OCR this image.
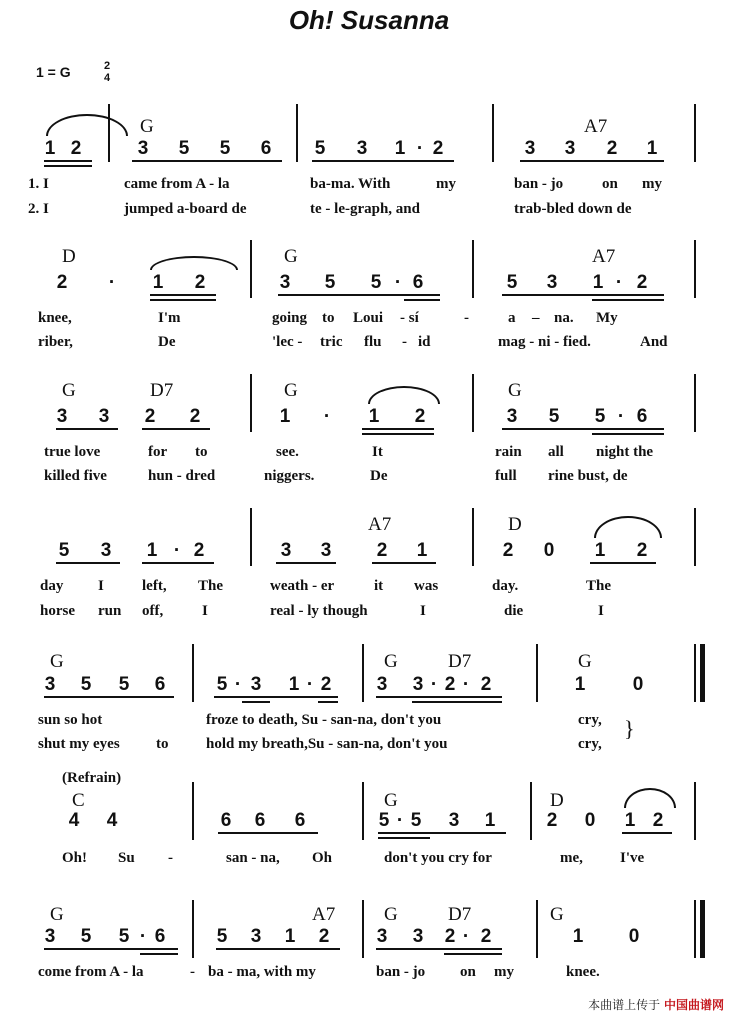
Oh! Susanna
1 = G	2
4
(Refrain)
G	A7
1 2	3 5 5 6 5 3 1 · 2	3 3 2 1
1. I	came from A - la	ba-ma. With	my	ban - jo	on my
2. I	jumped a-board de	te - le-graph, and	trab-bled down de
D	G	A7
2 · 1 2	3 5 5 · 6	5 3 1 · 2
knee,	I'm	going to Loui - sí	-	a – na. My
riber,	De	'lec - tric flu - id	mag - ni - fied.	And
G	D7	G	G
3 3 2 2	1 · 1 2	3 5 5 · 6
true love	for to	see.	It	rain all night the
killed five	hun - dred	niggers.	De	full rine bust, de
A7	D
5 3 1 · 2	3 3 2 1	2 0 1 2
day I	left, The	weath - er	it was	day.	The
horse run off,	I	real - ly though	I	die	I
G	G	D7	G
3 5 5 6	5 · 3 1 · 2 3 3 · 2 · 2	1 0
sun so hot	froze to death, Su - san-na, don't you	cry,
shut my eyes to	hold my breath,Su - san-na, don't you	cry,
C	G	D
4 4	6 6 6	5 · 5 3 1	2 0 1 2
Oh! Su -	san - na, Oh	don't you cry for	me, I've
G	A7	G	D7	G
3 5 5 · 6	5 3 1 2 3 3 2 · 2	1 0
come from A - la	- ba - ma, with my	ban - jo on my	knee.
}
本曲谱上传于 中国曲谱网
